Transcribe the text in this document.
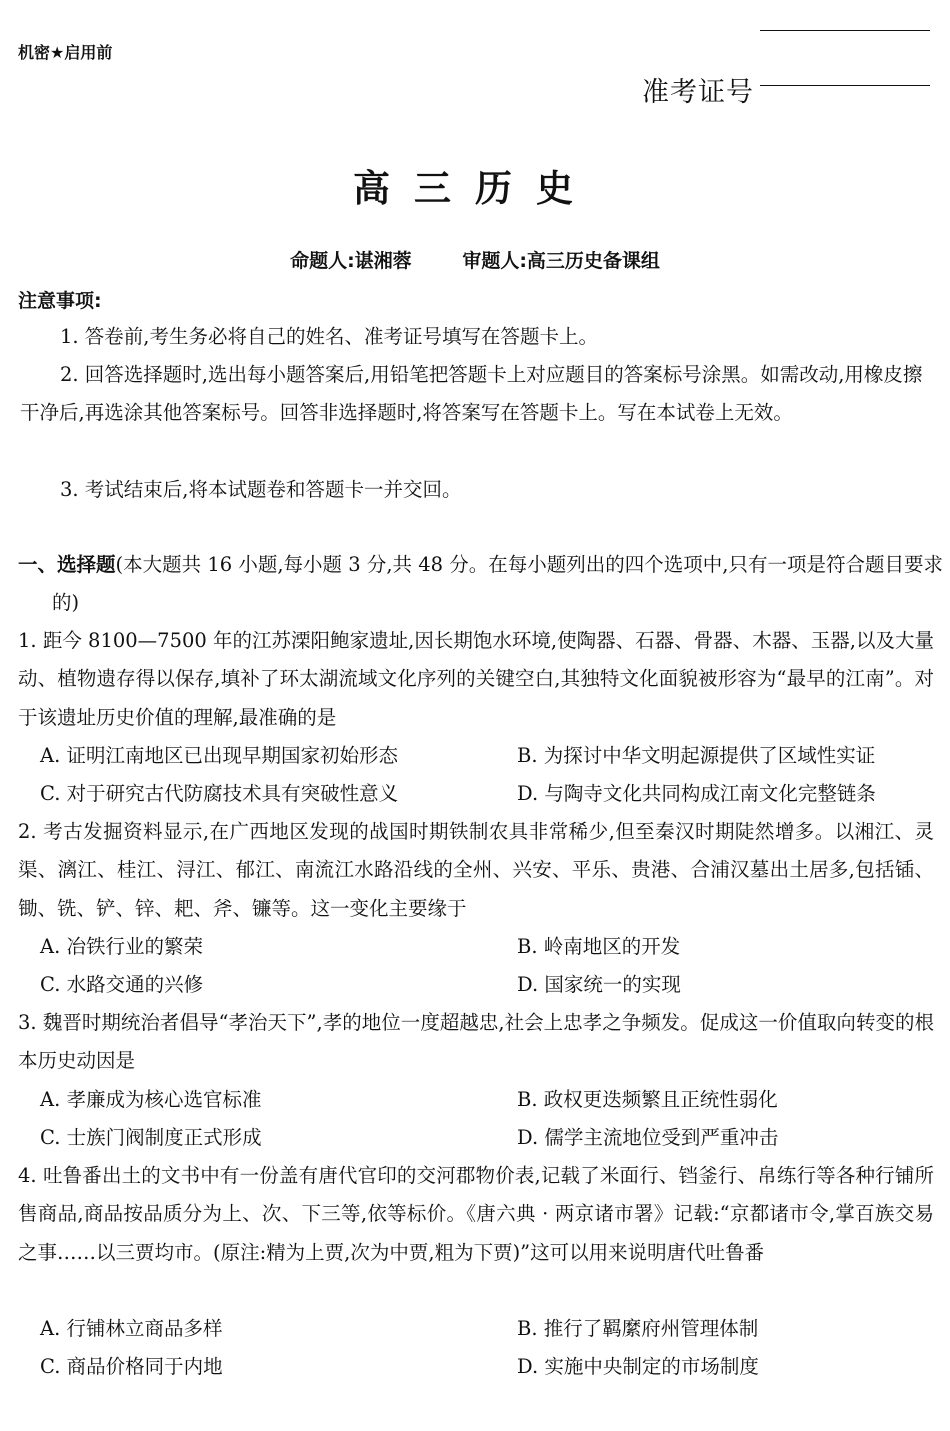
机密★启用前
准考证号
高三历史
命题人:谌湘蓉	审题人:高三历史备课组
注意事项:
1. 答卷前,考生务必将自己的姓名、准考证号填写在答题卡上。
2. 回答选择题时,选出每小题答案后,用铅笔把答题卡上对应题目的答案标号涂黑。如需改动,用橡皮擦干净后,再选涂其他答案标号。回答非选择题时,将答案写在答题卡上。写在本试卷上无效。
3. 考试结束后,将本试题卷和答题卡一并交回。
一、选择题(本大题共 16 小题,每小题 3 分,共 48 分。在每小题列出的四个选项中,只有一项是符合题目要求的)
1. 距今 8100—7500 年的江苏溧阳鲍家遗址,因长期饱水环境,使陶器、石器、骨器、木器、玉器,以及大量动、植物遗存得以保存,填补了环太湖流域文化序列的关键空白,其独特文化面貌被形容为“最早的江南”。对于该遗址历史价值的理解,最准确的是
A. 证明江南地区已出现早期国家初始形态	B. 为探讨中华文明起源提供了区域性实证
C. 对于研究古代防腐技术具有突破性意义	D. 与陶寺文化共同构成江南文化完整链条
2. 考古发掘资料显示,在广西地区发现的战国时期铁制农具非常稀少,但至秦汉时期陡然增多。以湘江、灵渠、漓江、桂江、浔江、郁江、南流江水路沿线的全州、兴安、平乐、贵港、合浦汉墓出土居多,包括锸、锄、铣、铲、锌、耙、斧、镰等。这一变化主要缘于
A. 冶铁行业的繁荣	B. 岭南地区的开发
C. 水路交通的兴修	D. 国家统一的实现
3. 魏晋时期统治者倡导“孝治天下”,孝的地位一度超越忠,社会上忠孝之争频发。促成这一价值取向转变的根本历史动因是
A. 孝廉成为核心选官标准	B. 政权更迭频繁且正统性弱化
C. 士族门阀制度正式形成	D. 儒学主流地位受到严重冲击
4. 吐鲁番出土的文书中有一份盖有唐代官印的交河郡物价表,记载了米面行、铛釜行、帛练行等各种行铺所售商品,商品按品质分为上、次、下三等,依等标价。《唐六典 · 两京诸市署》记载:“京都诸市令,掌百族交易之事……以三贾均市。(原注:精为上贾,次为中贾,粗为下贾)”这可以用来说明唐代吐鲁番
A. 行铺林立商品多样	B. 推行了羁縻府州管理体制
C. 商品价格同于内地	D. 实施中央制定的市场制度
